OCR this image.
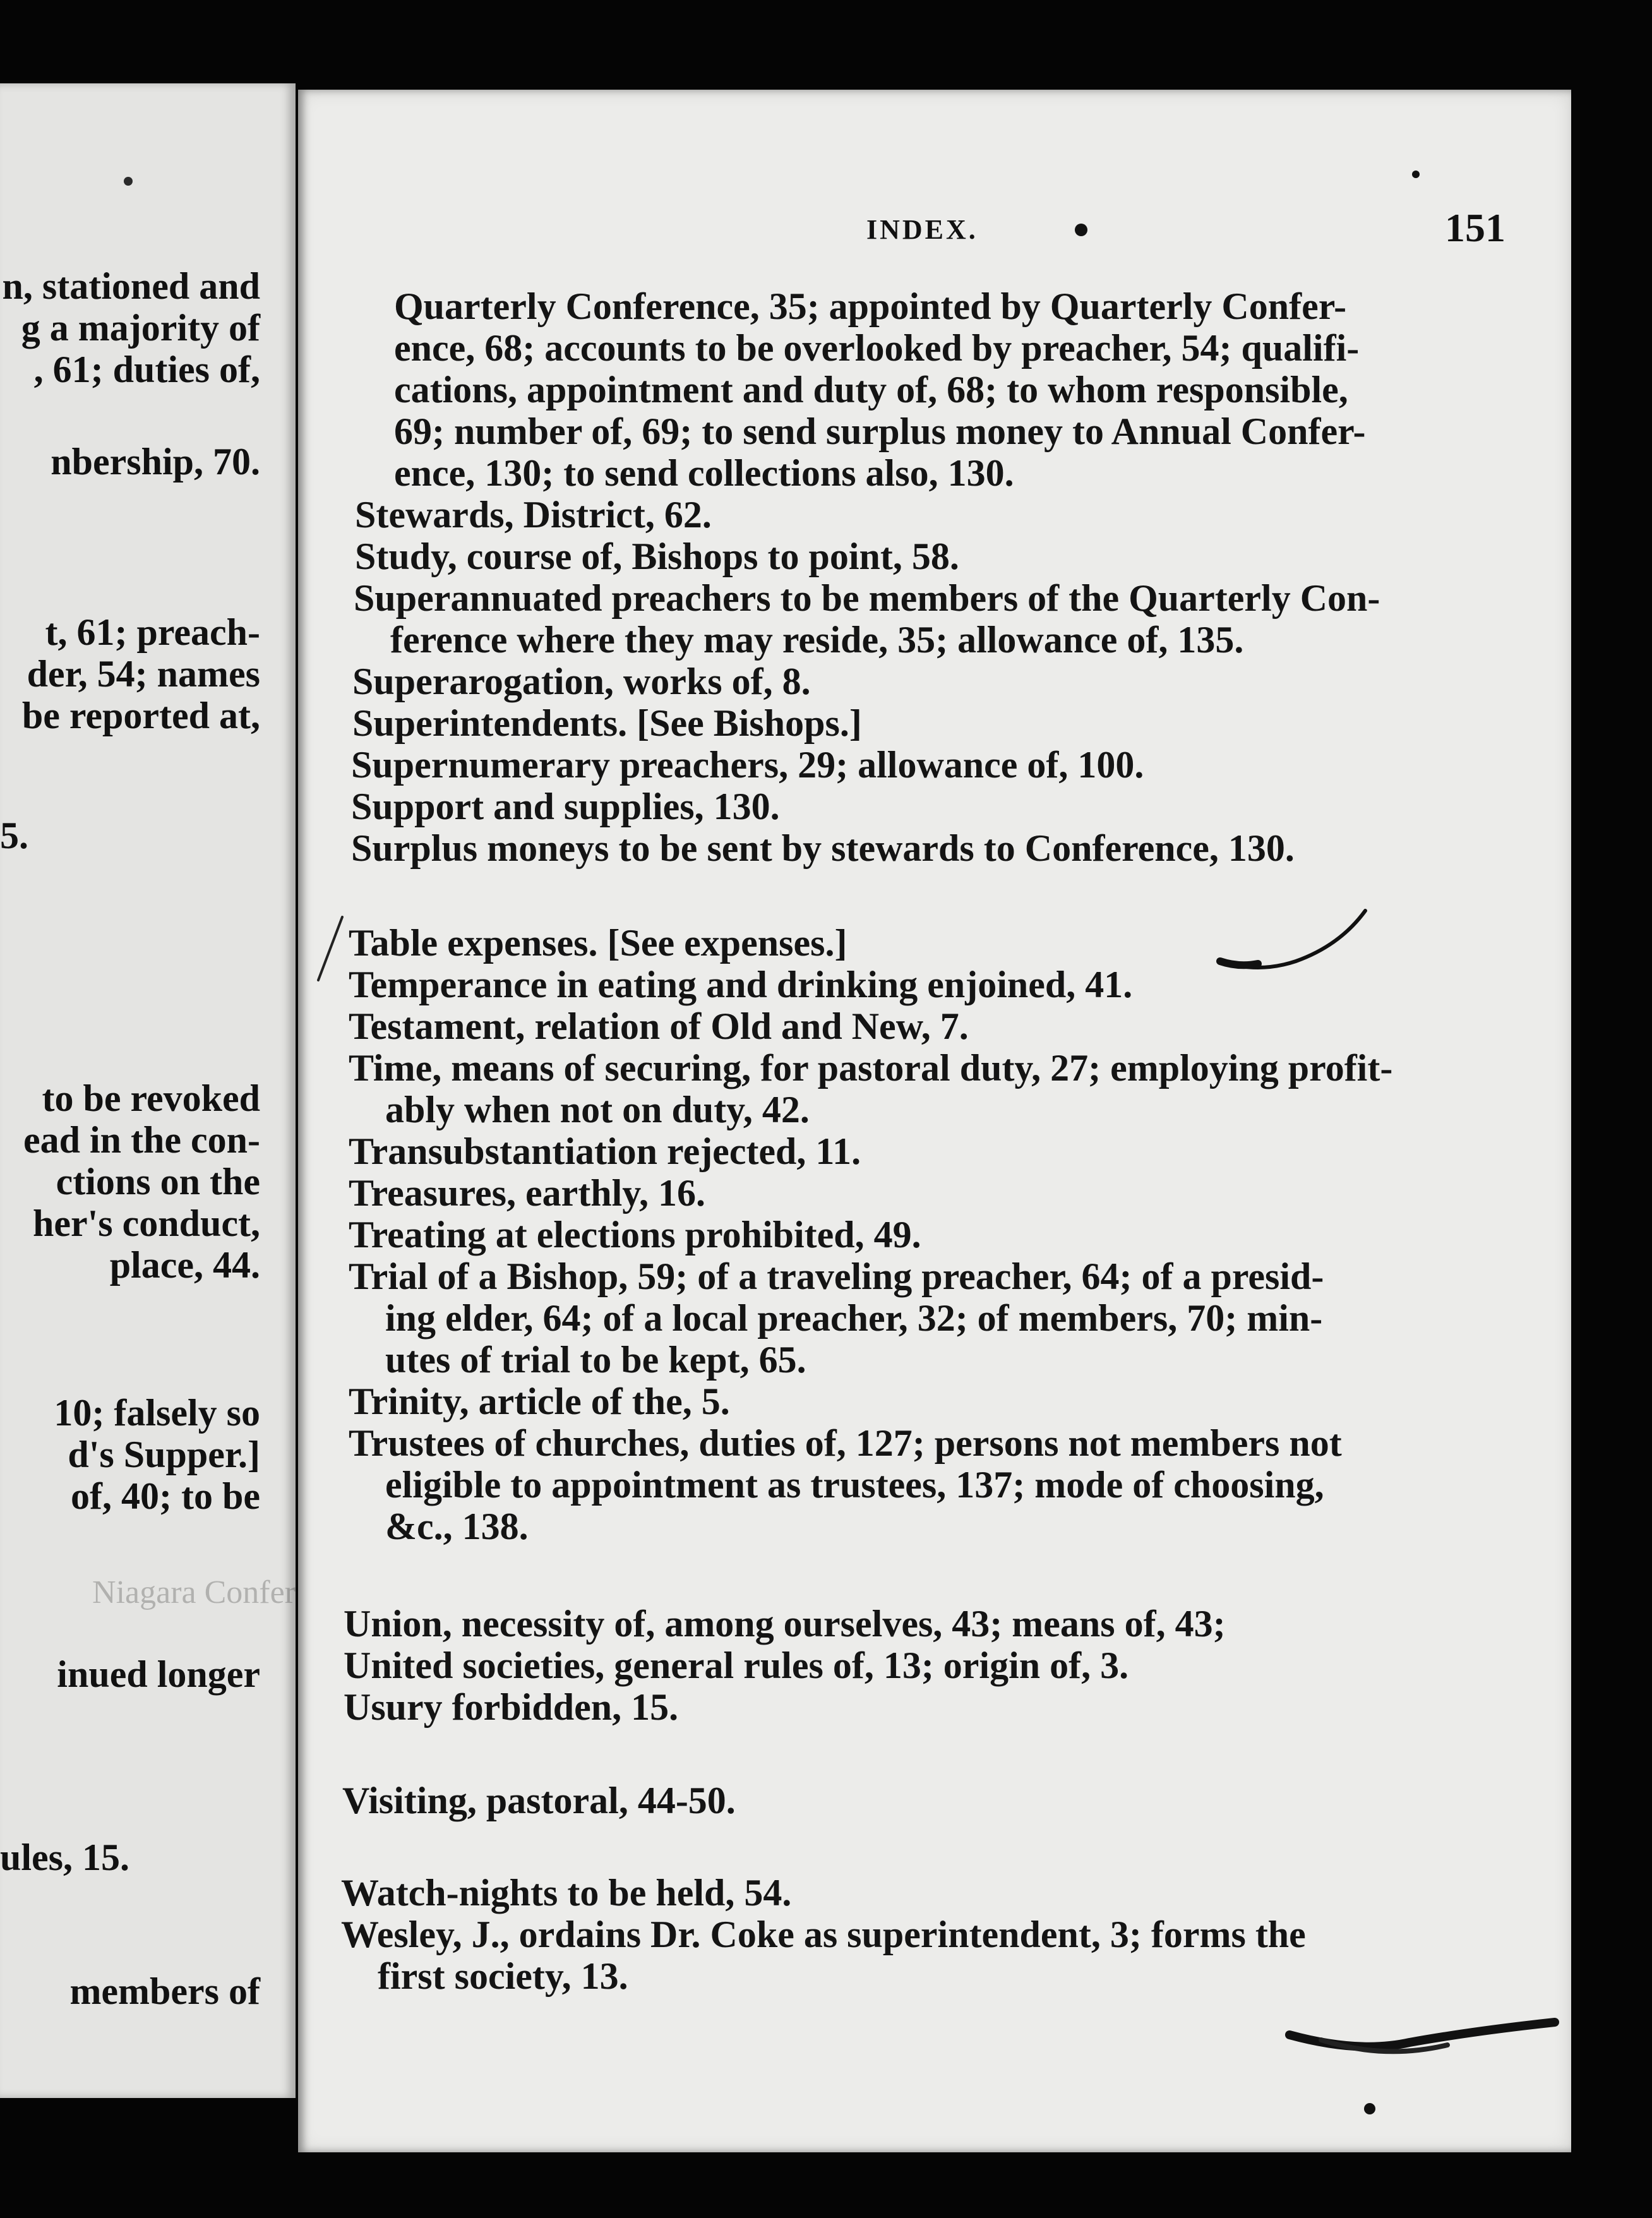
Niagara Confer
n, stationed and
g a majority of
, 61; duties of,
nbership, 70.
t, 61; preach-
der, 54; names
be reported at,
5.
to be revoked
ead in the con-
ctions on the
her's conduct,
place, 44.
10; falsely so
d's Supper.]
of, 40; to be
inued longer
ules, 15.
members of
INDEX.	151
Quarterly Conference, 35; appointed by Quarterly Confer-
ence, 68; accounts to be overlooked by preacher, 54; qualifi-
cations, appointment and duty of, 68; to whom responsible,
69; number of, 69; to send surplus money to Annual Confer-
ence, 130; to send collections also, 130.
Stewards, District, 62.
Study, course of, Bishops to point, 58.
Superannuated preachers to be members of the Quarterly Con-
ference where they may reside, 35; allowance of, 135.
Superarogation, works of, 8.
Superintendents. [See Bishops.]
Supernumerary preachers, 29; allowance of, 100.
Support and supplies, 130.
Surplus moneys to be sent by stewards to Conference, 130.
Table expenses. [See expenses.]
Temperance in eating and drinking enjoined, 41.
Testament, relation of Old and New, 7.
Time, means of securing, for pastoral duty, 27; employing profit-
ably when not on duty, 42.
Transubstantiation rejected, 11.
Treasures, earthly, 16.
Treating at elections prohibited, 49.
Trial of a Bishop, 59; of a traveling preacher, 64; of a presid-
ing elder, 64; of a local preacher, 32; of members, 70; min-
utes of trial to be kept, 65.
Trinity, article of the, 5.
Trustees of churches, duties of, 127; persons not members not
eligible to appointment as trustees, 137; mode of choosing,
&c., 138.
Union, necessity of, among ourselves, 43; means of, 43;
United societies, general rules of, 13; origin of, 3.
Usury forbidden, 15.
Visiting, pastoral, 44-50.
Watch-nights to be held, 54.
Wesley, J., ordains Dr. Coke as superintendent, 3; forms the
first society, 13.
